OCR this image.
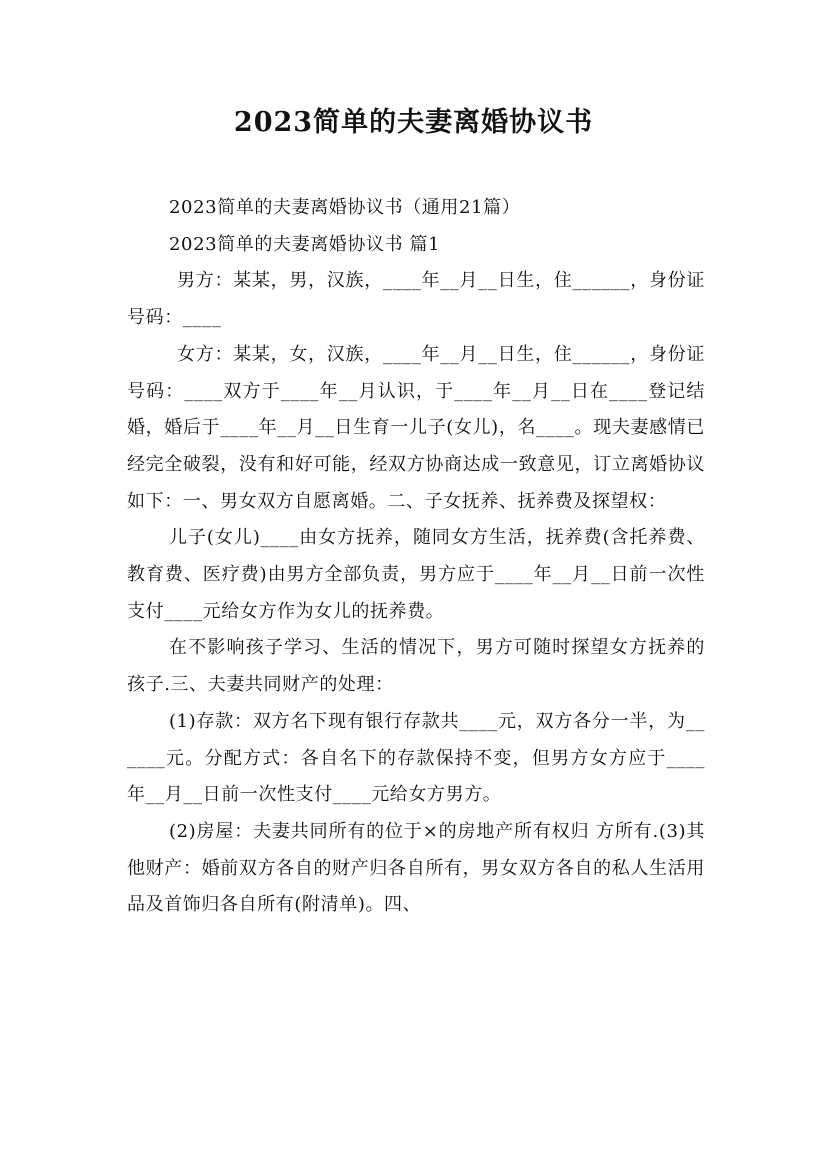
2023简单的夫妻离婚协议书

2023简单的夫妻离婚协议书（通用21篇）

2023简单的夫妻离婚协议书 篇1

男方：某某，男，汉族，____年__月__日生，住______，身份证号码：____

女方：某某，女，汉族，____年__月__日生，住______，身份证号码：____双方于____年__月认识，于____年__月__日在____登记结婚，婚后于____年__月__日生育一儿子(女儿)，名____。现夫妻感情已经完全破裂，没有和好可能，经双方协商达成一致意见，订立离婚协议如下：一、男女双方自愿离婚。二、子女抚养、抚养费及探望权：

儿子(女儿)____由女方抚养，随同女方生活，抚养费(含托养费、教育费、医疗费)由男方全部负责，男方应于____年__月__日前一次性支付____元给女方作为女儿的抚养费。

在不影响孩子学习、生活的情况下，男方可随时探望女方抚养的孩子.三、夫妻共同财产的处理：

(1)存款：双方名下现有银行存款共____元，双方各分一半，为______元。分配方式：各自名下的存款保持不变，但男方女方应于____年__月__日前一次性支付____元给女方男方。

(2)房屋：夫妻共同所有的位于×的房地产所有权归 方所有.(3)其他财产：婚前双方各自的财产归各自所有，男女双方各自的私人生活用品及首饰归各自所有(附清单)。四、
